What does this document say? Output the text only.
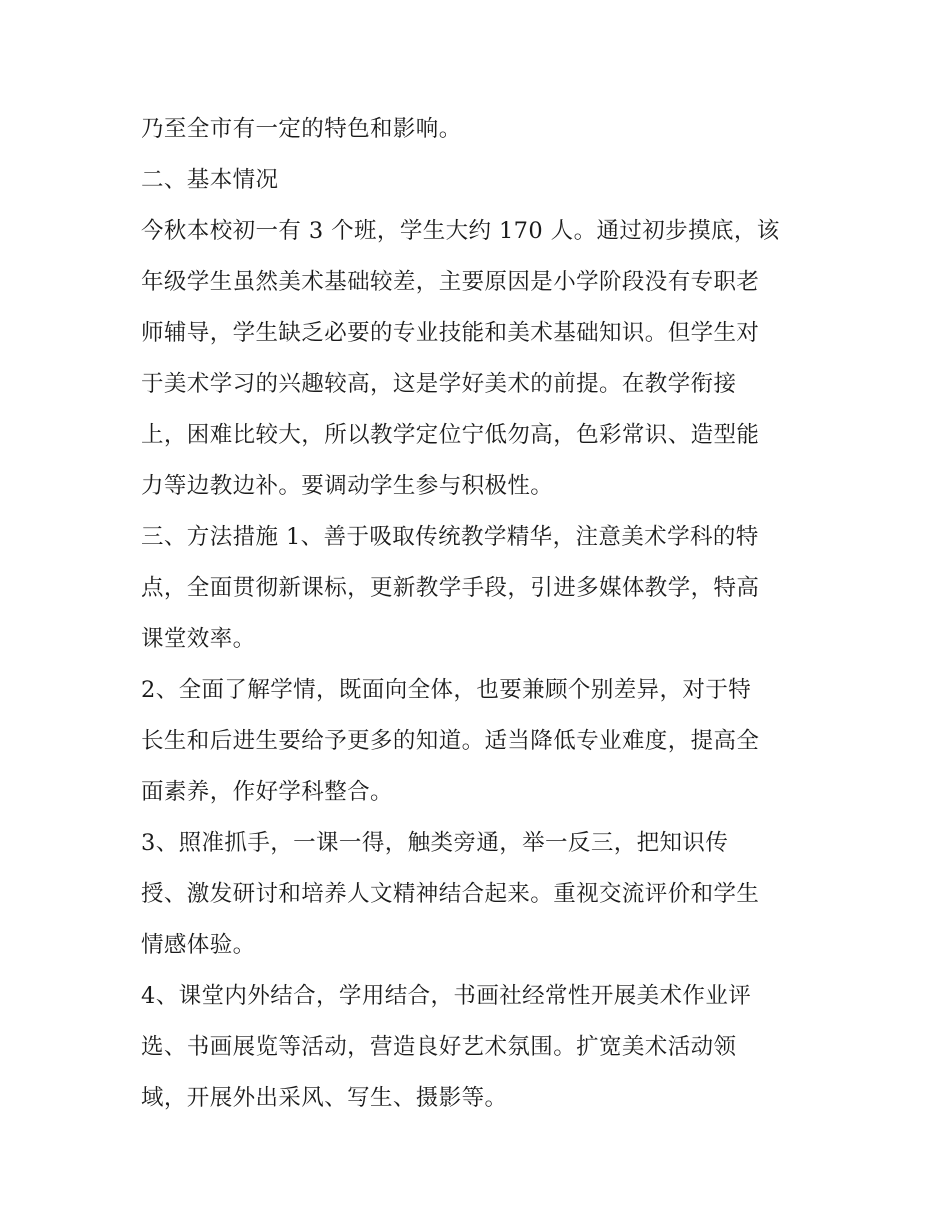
乃至全市有一定的特色和影响。
二、基本情况
今秋本校初一有 3 个班，学生大约 170 人。通过初步摸底，该
年级学生虽然美术基础较差，主要原因是小学阶段没有专职老
师辅导，学生缺乏必要的专业技能和美术基础知识。但学生对
于美术学习的兴趣较高，这是学好美术的前提。在教学衔接
上，困难比较大，所以教学定位宁低勿高，色彩常识、造型能
力等边教边补。要调动学生参与积极性。
三、方法措施 1、善于吸取传统教学精华，注意美术学科的特
点，全面贯彻新课标，更新教学手段，引进多媒体教学，特高
课堂效率。
2、全面了解学情，既面向全体，也要兼顾个别差异，对于特
长生和后进生要给予更多的知道。适当降低专业难度，提高全
面素养，作好学科整合。
3、照准抓手，一课一得，触类旁通，举一反三，把知识传
授、激发研讨和培养人文精神结合起来。重视交流评价和学生
情感体验。
4、课堂内外结合，学用结合，书画社经常性开展美术作业评
选、书画展览等活动，营造良好艺术氛围。扩宽美术活动领
域，开展外出采风、写生、摄影等。
